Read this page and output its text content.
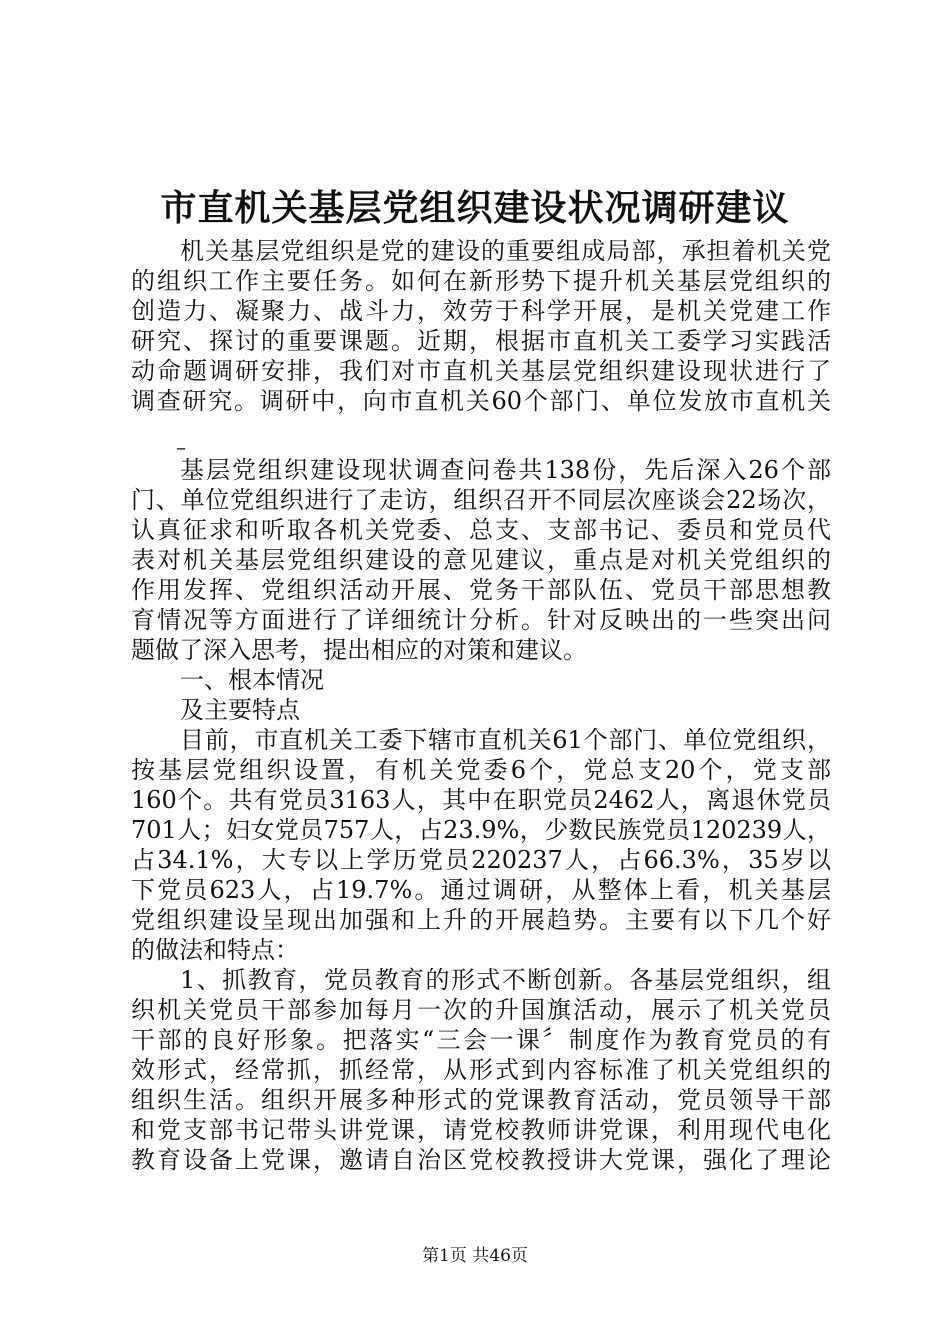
市直机关基层党组织建设状况调研建议
机关基层党组织是党的建设的重要组成局部，承担着机关党
的组织工作主要任务。如何在新形势下提升机关基层党组织的
创造力、凝聚力、战斗力，效劳于科学开展，是机关党建工作
研究、探讨的重要课题。近期，根据市直机关工委学习实践活
动命题调研安排，我们对市直机关基层党组织建设现状进行了
调查研究。调研中，向市直机关60个部门、单位发放市直机关
–
基层党组织建设现状调查问卷共138份，先后深入26个部
门、单位党组织进行了走访，组织召开不同层次座谈会22场次，
认真征求和听取各机关党委、总支、支部书记、委员和党员代
表对机关基层党组织建设的意见建议，重点是对机关党组织的
作用发挥、党组织活动开展、党务干部队伍、党员干部思想教
育情况等方面进行了详细统计分析。针对反映出的一些突出问
题做了深入思考，提出相应的对策和建议。
一、根本情况
及主要特点
目前，市直机关工委下辖市直机关61个部门、单位党组织，
按基层党组织设置，有机关党委6个，党总支20个，党支部
160个。共有党员3163人，其中在职党员2462人，离退休党员
701人；妇女党员757人，占23.9%，少数民族党员120239人，
占34.1%，大专以上学历党员220237人，占66.3%，35岁以
下党员623人，占19.7%。通过调研，从整体上看，机关基层
党组织建设呈现出加强和上升的开展趋势。主要有以下几个好
的做法和特点：
1、抓教育，党员教育的形式不断创新。各基层党组织，组
织机关党员干部参加每月一次的升国旗活动，展示了机关党员
干部的良好形象。把落实“三会一课〞制度作为教育党员的有
效形式，经常抓，抓经常，从形式到内容标准了机关党组织的
组织生活。组织开展多种形式的党课教育活动，党员领导干部
和党支部书记带头讲党课，请党校教师讲党课，利用现代电化
教育设备上党课，邀请自治区党校教授讲大党课，强化了理论
第1页 共46页
